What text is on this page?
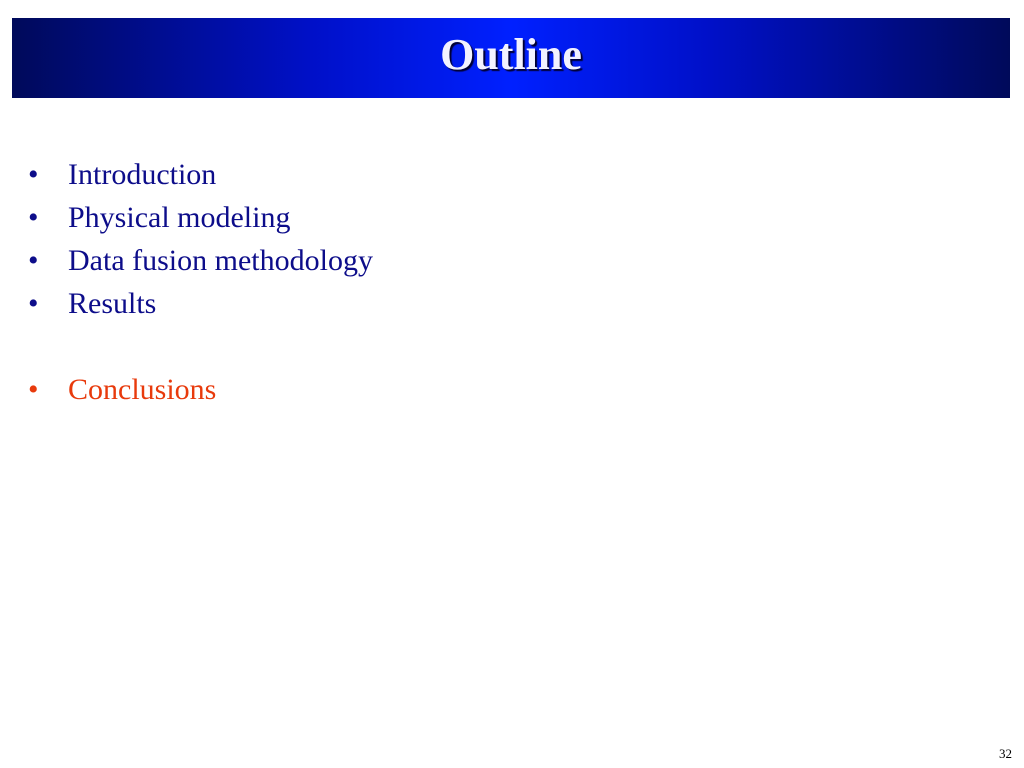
Outline
• Introduction
• Physical modeling
• Data fusion methodology
• Results
• Conclusions
32
